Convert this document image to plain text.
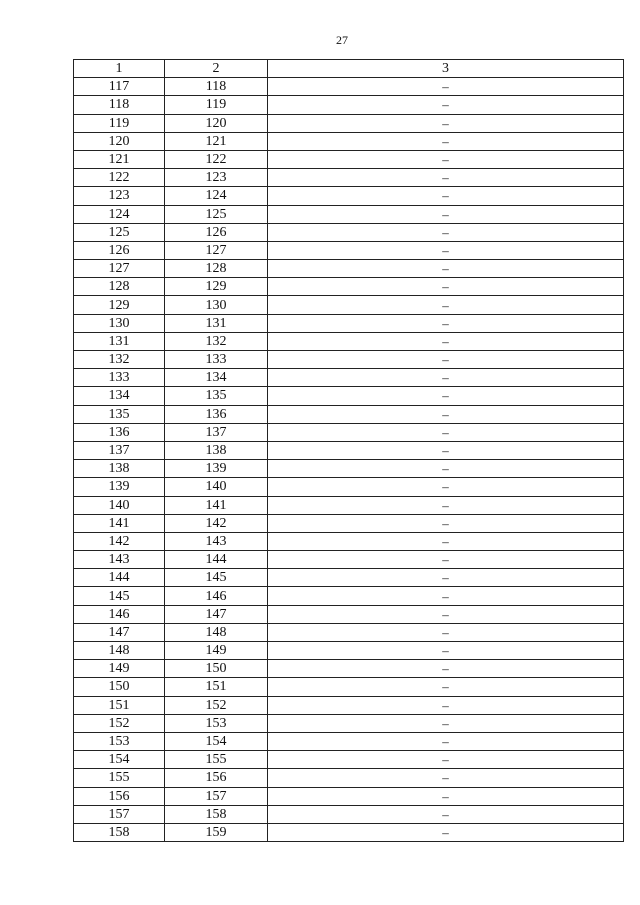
27
1	2	3
117	118	–
118	119	–
119	120	–
120	121	–
121	122	–
122	123	–
123	124	–
124	125	–
125	126	–
126	127	–
127	128	–
128	129	–
129	130	–
130	131	–
131	132	–
132	133	–
133	134	–
134	135	–
135	136	–
136	137	–
137	138	–
138	139	–
139	140	–
140	141	–
141	142	–
142	143	–
143	144	–
144	145	–
145	146	–
146	147	–
147	148	–
148	149	–
149	150	–
150	151	–
151	152	–
152	153	–
153	154	–
154	155	–
155	156	–
156	157	–
157	158	–
158	159	–
